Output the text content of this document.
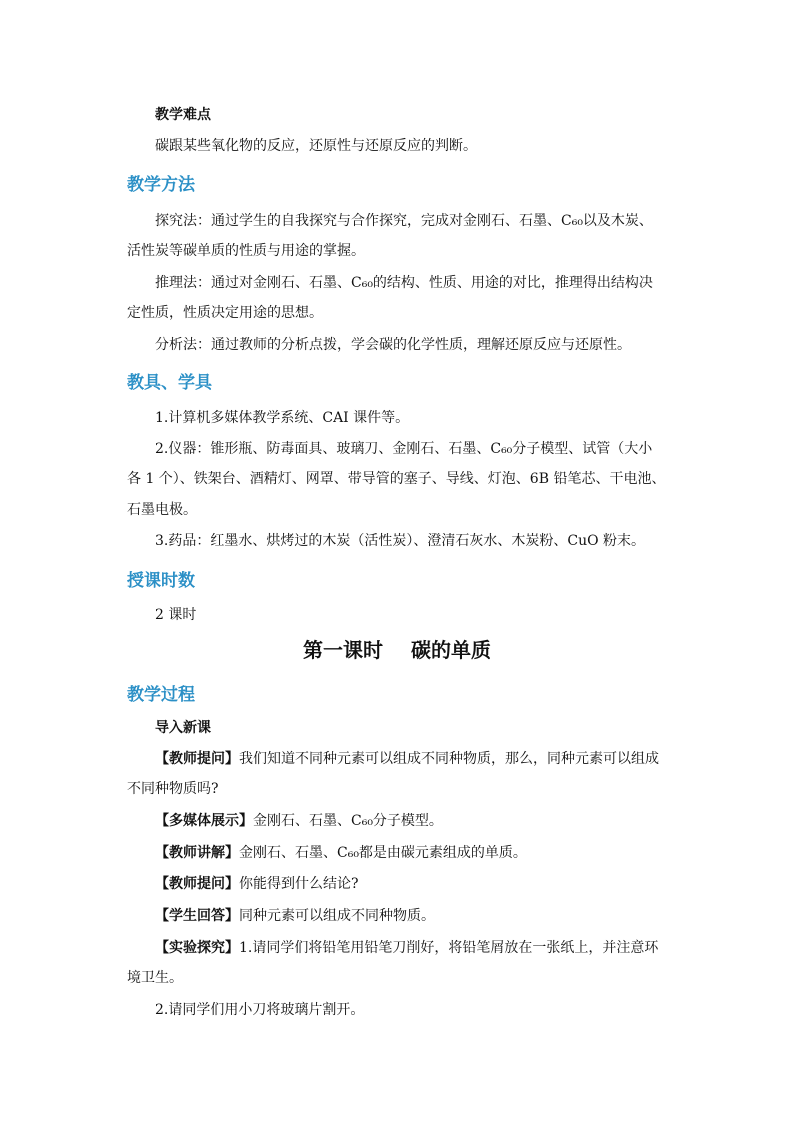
教学难点
碳跟某些氧化物的反应，还原性与还原反应的判断。
教学方法
探究法：通过学生的自我探究与合作探究，完成对金刚石、石墨、C₆₀以及木炭、
活性炭等碳单质的性质与用途的掌握。
推理法：通过对金刚石、石墨、C₆₀的结构、性质、用途的对比，推理得出结构决
定性质，性质决定用途的思想。
分析法：通过教师的分析点拨，学会碳的化学性质，理解还原反应与还原性。
教具、学具
1.计算机多媒体教学系统、CAI 课件等。
2.仪器：锥形瓶、防毒面具、玻璃刀、金刚石、石墨、C₆₀分子模型、试管（大小
各 1 个）、铁架台、酒精灯、网罩、带导管的塞子、导线、灯泡、6B 铅笔芯、干电池、
石墨电极。
3.药品：红墨水、烘烤过的木炭（活性炭）、澄清石灰水、木炭粉、CuO 粉末。
授课时数
2 课时
第一课时 碳的单质
教学过程
导入新课
【教师提问】我们知道不同种元素可以组成不同种物质，那么，同种元素可以组成
不同种物质吗?
【多媒体展示】金刚石、石墨、C₆₀分子模型。
【教师讲解】金刚石、石墨、C₆₀都是由碳元素组成的单质。
【教师提问】你能得到什么结论?
【学生回答】同种元素可以组成不同种物质。
【实验探究】1.请同学们将铅笔用铅笔刀削好，将铅笔屑放在一张纸上，并注意环
境卫生。
2.请同学们用小刀将玻璃片割开。
